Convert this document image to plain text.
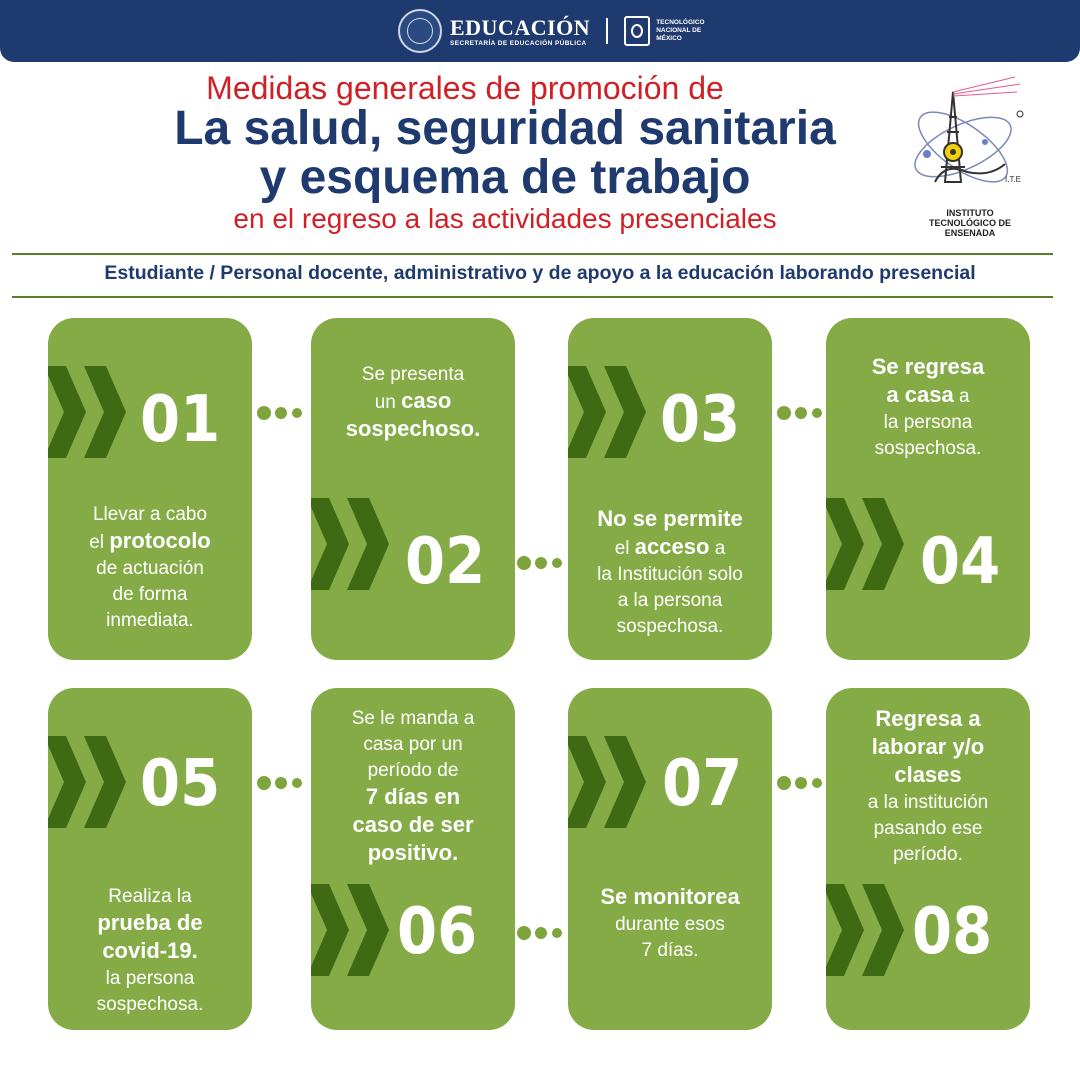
EDUCACIÓN
SECRETARÍA DE EDUCACIÓN PÚBLICA
TECNOLÓGICO NACIONAL DE MÉXICO
Medidas generales de promoción de
La salud, seguridad sanitaria
y esquema de trabajo
en el regreso a las actividades presenciales
I.T.E
INSTITUTO
TECNOLÓGICO DE ENSENADA
Estudiante / Personal docente, administrativo y de apoyo a la educación laborando presencial
01
Llevar a cabo
el protocolo
de actuación
de forma
inmediata.
Se presenta
un caso
sospechoso.
02
03
No se permite
el acceso a
la Institución solo
a la persona
sospechosa.
Se regresa
a casa a
la persona
sospechosa.
04
05
Realiza la
prueba de
covid-19.
la persona
sospechosa.
Se le manda a
casa por un
período de
7 días en
caso de ser
positivo.
06
07
Se monitorea
durante esos
7 días.
Regresa a
laborar y/o
clases
a la institución
pasando ese
período.
08
